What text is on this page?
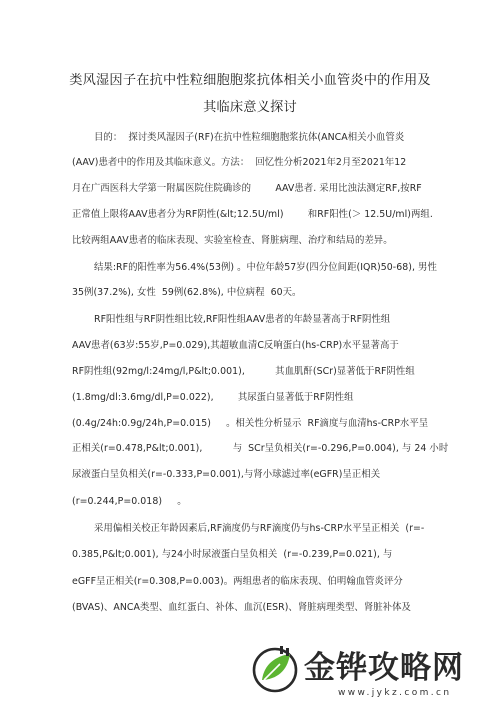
类风湿因子在抗中性粒细胞胞浆抗体相关小血管炎中的作用及
其临床意义探讨
目的：  探讨类风湿因子(RF)在抗中性粒细胞胞浆抗体(ANCA相关小血管炎
(AAV)患者中的作用及其临床意义。方法：  回忆性分析2021年2月至2021年12
月在广西医科大学第一附属医院住院确诊的        AAV患者. 采用比浊法测定RF,按RF
正常值上限将AAV患者分为RF阴性(&lt;12.5U/ml)        和RF阳性(＞ 12.5U/ml)两组.
比较两组AAV患者的临床表现、实验室检查、肾脏病理、治疗和结局的差异。
结果:RF的阳性率为56.4%(53例) 。中位年龄57岁(四分位间距(IQR)50-68), 男性
35例(37.2%), 女性  59例(62.8%), 中位病程  60天。
RF阳性组与RF阴性组比较,RF阳性组AAV患者的年龄显著高于RF阴性组
AAV患者(63岁:55岁,P=0.029),其超敏血清C反响蛋白(hs-CRP)水平显著高于
RF阴性组(92mg/l:24mg/l,P&lt;0.001),          其血肌酐(SCr)显著低于RF阴性组
(1.8mg/dl:3.6mg/dl,P=0.022),        其尿蛋白显著低于RF阴性组
(0.4g/24h:0.9g/24h,P=0.015)     。相关性分析显示  RF滴度与血清hs-CRP水平呈
正相关(r=0.478,P&lt;0.001),          与  SCr呈负相关(r=-0.296,P=0.004), 与 24 小时
尿液蛋白呈负相关(r=-0.333,P=0.001),与肾小球滤过率(eGFR)呈正相关
(r=0.244,P=0.018)     。
采用偏相关校正年龄因素后,RF滴度仍与RF滴度仍与hs-CRP水平呈正相关  (r=-
0.385,P&lt;0.001), 与24小时尿液蛋白呈负相关  (r=-0.239,P=0.021), 与
eGFF呈正相关(r=0.308,P=0.003)。两组患者的临床表现、伯明翰血管炎评分
(BVAS)、ANCA类型、血红蛋白、补体、血沉(ESR)、肾脏病理类型、肾脏补体及
金铧攻略网
www.jykz.com.cn
